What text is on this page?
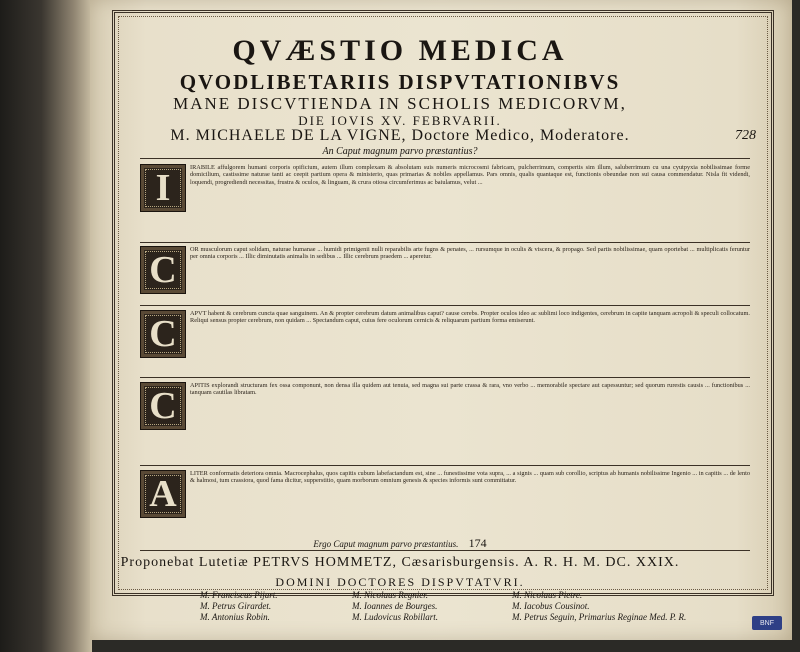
QVÆSTIO MEDICA
QVODLIBETARIIS DISPVTATIONIBVS
MANE DISCVTIENDA IN SCHOLIS MEDICORVM,
DIE IOVIS XV. FEBRVARII.
M. MICHAELE DE LA VIGNE, Doctore Medico, Moderatore.	728
An Caput magnum parvo præstantius?
I	IRABILE affulgorem humani corporis opificium, autem illum complexam & absolutam suis numeris microcosmi fabricam, pulcherrimum, compertis sim illum, saluberrimum cu una cyutpyxia nobilissimae forme domicilium, castissime naturae tanti ac ceepit partium opera & ministerio, quas primarias & nobiles appellamus. Pars omnis, qualis quantaque est, functionis obeundae non sui causa commendatur. Nisla fit videndi, loquendi, progrediendi necessitas, frustra & oculos, & linguam, & crura otiosa circumferimus ac baiulamus, velut ...
C	OR musculorum caput solidam, naturae humanae ... humidi primigenii nulli reparabilis arte fugns & penates, ... rursumque in oculis & viscera, & propago. Sed partis nobilissimae, quam oportebat ... multiplicatis feruntur per omnia corporis ... Illic diminutatis animalis in sedibus ... Illic cerebrum praedem ... aperetur.
C	APVT habent & cerebrum cuncta quae sanguinem. An & propter cerebrum datum animalibus caput? cause cerebs. Propter oculos ideo ac sublimi loco indigentes, cerebrum in capite tanquam acropoli & speculi collocatum. Reliqui sensus propter cerebrum, non quidam ... Spectandum caput, cuius fere oculorum cernicis & reliquarum partium forma emiserunt.
C	APITIS explorandi structuram fex ossa componunt, non densa illa quidem aut tenuia, sed magna sui parte crassa & rara, vno verbo ... memorabile spectare aut capessuntur; sed quorum rurestis causis ... functionibus ... tanquam cautilas libratam.
A	LITER conformatis deteriora omnia. Macrocephalus, quos capitis cubum labefactandum est, sine ... funestissime vota supra, ... a signis ... quam sub corollio, scriptus ab humanis nobilissime Ingenio ... in capitis ... de lento & halmosi, tum crassiora, quod fama dicitur, supperstitio, quam morborum omnium genesis & species informis sunt committatur.
Ergo Caput magnum parvo præstantius. 174
Proponebat Lutetiæ PETRVS HOMMETZ, Cæsarisburgensis. A. R. H. M. DC. XXIX.
DOMINI DOCTORES DISPVTATVRI.
M. Franciscus Pijart.
M. Petrus Girardet.
M. Antonius Robin.
M. Nicolaus Regnier.
M. Ioannes de Bourges.
M. Ludovicus Robillart.
M. Nicolaus Pietre.
M. Iacobus Cousinot.
M. Petrus Seguin, Primarius Reginae Med. P. R.
BNF
